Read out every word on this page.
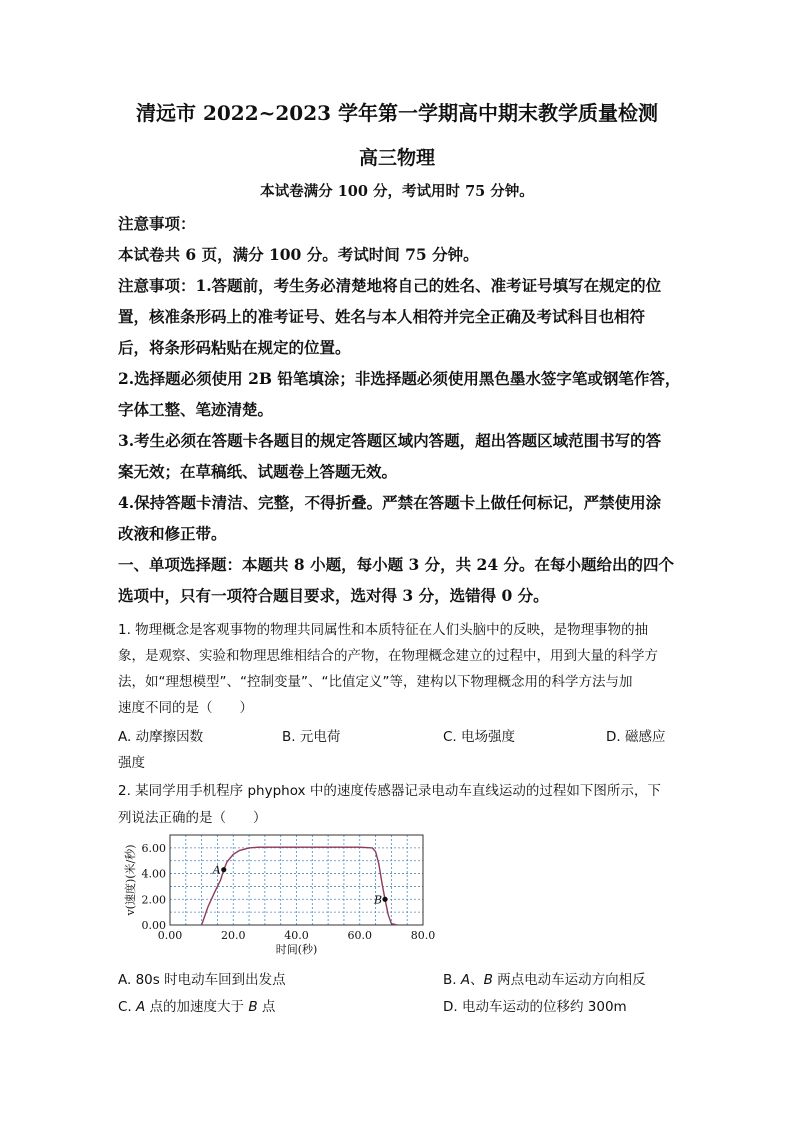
清远市 2022~2023 学年第一学期高中期末教学质量检测
高三物理
本试卷满分 100 分，考试用时 75 分钟。
注意事项：
本试卷共 6 页，满分 100 分。考试时间 75 分钟。
注意事项：1.答题前，考生务必清楚地将自己的姓名、准考证号填写在规定的位
置，核准条形码上的准考证号、姓名与本人相符并完全正确及考试科目也相符
后，将条形码粘贴在规定的位置。
2.选择题必须使用 2B 铅笔填涂；非选择题必须使用黑色墨水签字笔或钢笔作答，
字体工整、笔迹清楚。
3.考生必须在答题卡各题目的规定答题区域内答题，超出答题区域范围书写的答
案无效；在草稿纸、试题卷上答题无效。
4.保持答题卡清洁、完整，不得折叠。严禁在答题卡上做任何标记，严禁使用涂
改液和修正带。
一、单项选择题：本题共 8 小题，每小题 3 分，共 24 分。在每小题给出的四个
选项中，只有一项符合题目要求，选对得 3 分，选错得 0 分。
1. 物理概念是客观事物的物理共同属性和本质特征在人们头脑中的反映，是物理事物的抽
象，是观察、实验和物理思维相结合的产物，在物理概念建立的过程中，用到大量的科学方
法，如“理想模型”、“控制变量”、“比值定义”等，建构以下物理概念用的科学方法与加
速度不同的是（　　）
A. 动摩擦因数	B. 元电荷	C. 电场强度	D. 磁感应
强度
2. 某同学用手机程序 phyphox 中的速度传感器记录电动车直线运动的过程如下图所示，下
列说法正确的是（　　）
0.00
2.00
4.00
6.00
0.00	20.0	40.0	60.0	80.0
时间(秒)
v(速度)(米/秒)	A
B
A. 80s 时电动车回到出发点	B. A、B 两点电动车运动方向相反
C. A 点的加速度大于 B 点	D. 电动车运动的位移约 300m
